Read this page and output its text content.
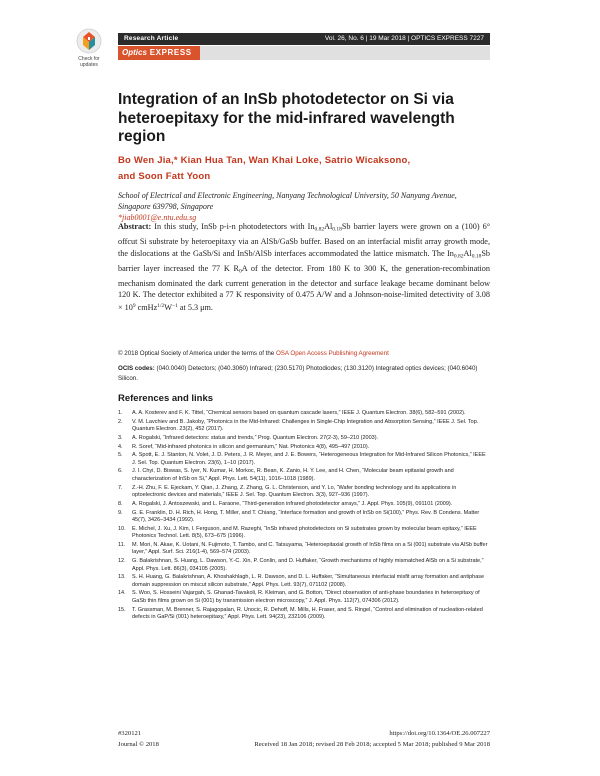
Check for updates
Research Article	Vol. 26, No. 6 | 19 Mar 2018 | OPTICS EXPRESS 7227
Optics EXPRESS
Integration of an InSb photodetector on Si via heteroepitaxy for the mid-infrared wavelength region
Bo Wen Jia,* Kian Hua Tan, Wan Khai Loke, Satrio Wicaksono,
and Soon Fatt Yoon
School of Electrical and Electronic Engineering, Nanyang Technological University, 50 Nanyang Avenue, Singapore 639798, Singapore
*jiab0001@e.ntu.edu.sg
Abstract: In this study, InSb p-i-n photodetectors with $In_{0.82}Al_{0.18}Sb$ barrier layers were grown on a (100) 6° offcut Si substrate by heteroepitaxy via an AlSb/GaSb buffer. Based on an interfacial misfit array growth mode, the dislocations at the GaSb/Si and InSb/AlSb interfaces accommodated the lattice mismatch. The $In_{0.82}Al_{0.18}Sb$ barrier layer increased the 77 K $R_0A$ of the detector. From 180 K to 300 K, the generation-recombination mechanism dominated the dark current generation in the detector and surface leakage became dominant below 120 K. The detector exhibited a 77 K responsivity of 0.475 A/W and a Johnson-noise-limited detectivity of $3.08 \times 10^9$ $cmHz^{1/2}W^{-1}$ at 5.3 μm.
© 2018 Optical Society of America under the terms of the OSA Open Access Publishing Agreement
OCIS codes: (040.0040) Detectors; (040.3060) Infrared; (230.5170) Photodiodes; (130.3120) Integrated optics devices; (040.6040) Silicon.
References and links
1.	A. A. Kosterev and F. K. Tittel, “Chemical sensors based on quantum cascade lasers,” IEEE J. Quantum Electron. 38(6), 582–591 (2002).
2.	V. M. Lavchiev and B. Jakoby, “Photonics in the Mid-Infrared: Challenges in Single-Chip Integration and Absorption Sensing,” IEEE J. Sel. Top. Quantum Electron. 23(2), 452 (2017).
3.	A. Rogalski, “Infrared detectors: status and trends,” Prog. Quantum Electron. 27(2-3), 59–210 (2003).
4.	R. Soref, “Mid-infrared photonics in silicon and germanium,” Nat. Photonics 4(8), 495–497 (2010).
5.	A. Spott, E. J. Stanton, N. Volet, J. D. Peters, J. R. Meyer, and J. E. Bowers, “Heterogeneous Integration for Mid-Infrared Silicon Photonics,” IEEE J. Sel. Top. Quantum Electron. 23(6), 1–10 (2017).
6.	J. I. Chyi, D. Biswas, S. Iyer, N. Kumar, H. Morkoc, R. Bean, K. Zanio, H. Y. Lee, and H. Chen, “Molecular beam epitaxial growth and characterization of InSb on Si,” Appl. Phys. Lett. 54(11), 1016–1018 (1989).
7.	Z.-H. Zhu, F. E. Ejeckam, Y. Qian, J. Zhang, Z. Zhang, G. L. Christenson, and Y. Lo, “Wafer bonding technology and its applications in optoelectronic devices and materials,” IEEE J. Sel. Top. Quantum Electron. 3(3), 927–936 (1997).
8.	A. Rogalski, J. Antoszewski, and L. Faraone, “Third-generation infrared photodetector arrays,” J. Appl. Phys. 105(9), 091101 (2009).
9.	G. E. Franklin, D. H. Rich, H. Hong, T. Miller, and T. Chiang, “Interface formation and growth of InSb on Si(100),” Phys. Rev. B Condens. Matter 45(7), 3426–3434 (1992).
10.	E. Michel, J. Xu, J. Kim, I. Ferguson, and M. Razeghi, “InSb infrared photodetectors on Si substrates grown by molecular beam epitaxy,” IEEE Photonics Technol. Lett. 8(5), 673–675 (1996).
11.	M. Mori, N. Akae, K. Uotani, N. Fujimoto, T. Tambo, and C. Tatsuyama, “Heteroepitaxial growth of InSb films on a Si (001) substrate via AlSb buffer layer,” Appl. Surf. Sci. 216(1-4), 569–574 (2003).
12.	G. Balakrishnan, S. Huang, L. Dawson, Y.-C. Xin, P. Conlin, and D. Huffaker, “Growth mechanisms of highly mismatched AlSb on a Si substrate,” Appl. Phys. Lett. 86(3), 034105 (2005).
13.	S. H. Huang, G. Balakrishnan, A. Khoshakhlagh, L. R. Dawson, and D. L. Huffaker, “Simultaneous interfacial misfit array formation and antiphase domain suppression on miscut silicon substrate,” Appl. Phys. Lett. 93(7), 071102 (2008).
14.	S. Woo, S. Hosseini Vajargah, S. Ghanad-Tavakoli, R. Kleiman, and G. Botton, “Direct observation of anti-phase boundaries in heteroepitaxy of GaSb thin films grown on Si (001) by transmission electron microscopy,” J. Appl. Phys. 112(7), 074306 (2012).
15.	T. Grassman, M. Brenner, S. Rajagopalan, R. Unocic, R. Dehoff, M. Mills, H. Fraser, and S. Ringel, “Control and elimination of nucleation-related defects in GaP/Si (001) heteroepitaxy,” Appl. Phys. Lett. 94(23), 232106 (2009).
#320121	https://doi.org/10.1364/OE.26.007227
Journal © 2018	Received 18 Jan 2018; revised 28 Feb 2018; accepted 5 Mar 2018; published 9 Mar 2018
